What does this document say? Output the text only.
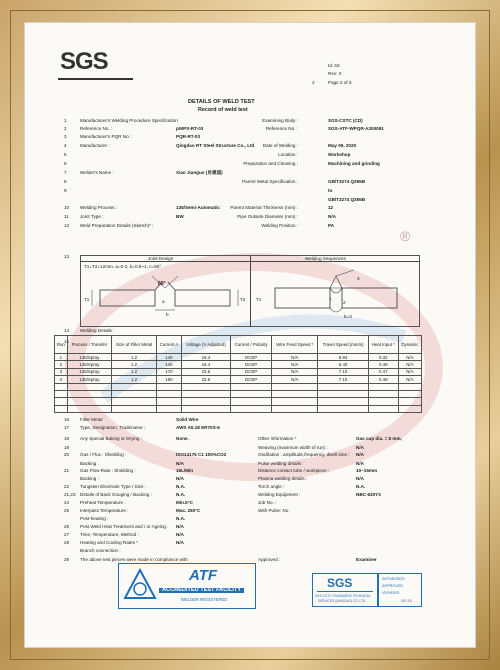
®
SGS	Id: 63
Rev: 0
2	Page 2 of 5
DETAILS OF WELD TEST
Record of weld test
1	Manufacturer's Welding Procedure Specification	Examining Body :	SGS-CSTC (CD)
2	Reference No. :	pWPS-RT-03	Reference No. :	SGS-ATF-WPQR-A200091
3	Manufacturer's PQR No. :	PQR-RT-03
4	Manufacturer :	Qingdao RT Steel Structure Co., Ltd Date of Welding :	May 06, 2020
5	Location :	Workshop
6	Preparation and Cleaning :	Machining and grinding
7	Welder's Name :	Xiao Jianguo (肖建国)
8	Parent Metal Specification :	GB/T3274 Q355B
9	to
GB/T3274 Q355B
10 Welding Process :	135/Semi-Automatic Parent Material Thickness (mm) :	12
11 Joint Type :	BW	Pipe Outside Diameter (mm) :	N/A
12 Weld Preparation Details (Sketch)* :	Welding Position :	PA
13	Joint Design	Welding Sequences
T1=T2=12mm, a=0-2, b=0.5~1, c=60°
60°
T1	T2
a
b
T1	1
2
3
b=3
14 Welding Details :
15
Run	Process / Transfer	Size of Filler Metal	Current A	Voltage (V Adjusted)	Current / Polarity	Wire Feed Speed *	Travel Speed (mm/s)	Heat Input *	Dynamic
1	135/Spray	1.2	140	19.4	DCEP	N/A	5.84	0.32	N/A
2	135/Spray	1.2	140	19.4	DCEP	N/A	6.40	0.48	N/A
3	135/Spray	1.2	170	23.6	DCEP	N/A	7.10	0.47	N/A
4	135/Spray	1.2	190	23.6	DCEP	N/A	7.10	0.48	N/A

16 Filler Metal	Solid Wire
17 Type, Designation, Tradename :	AWS A5.18 ER70S-6
18 Any Special Baking or Drying :	None.	Other information *	Gas cup dia. = 8 mm,
19	Weaving (maximum width of run) :	N/A
20 Gas / Flux : Shielding :	ISO14175 C1 100%CO2	Oscillation : amplitude,frequency, dwell time : N/A
Backing :	N/A	Pulse welding details :	N/A
21 Gas Flow Rate : Shielding :	15L/Min	Distance contact tube / workpiece :	10~15mm
Backing :	N/A	Plasma welding details :	N/A
22 Tungsten Electrode Type / Size :	N.A.	Torch angle :	N.A.
21,23 Details of Back Gouging / Backing :	N.A.	Welding Equipment :	NBC-630Y3
24 Preheat Temperature :	Min.5°C	Job No. :
25 Interpass Temperature :	Max. 250°C	With Pulse: No
Post-heating :	N.A.
26 Post Weld Heat Treatment and / or Ageing : N/A
27 Time, Temperature, Method :	N/A
28 Heating and Cooling Rates *	N/A
Branch connection :
29 The above test pieces were made in compliance with	Approved :	Examiner
ATF
ACCREDITED TEST FACILITY
WELDER REGISTERED
SGS
SGS-CSTC STANDARDS TECHNICAL
SERVICES (QINGDAO) CO.,LTD
WITNESSED
APPROVED
VERIFIED
NO.15
